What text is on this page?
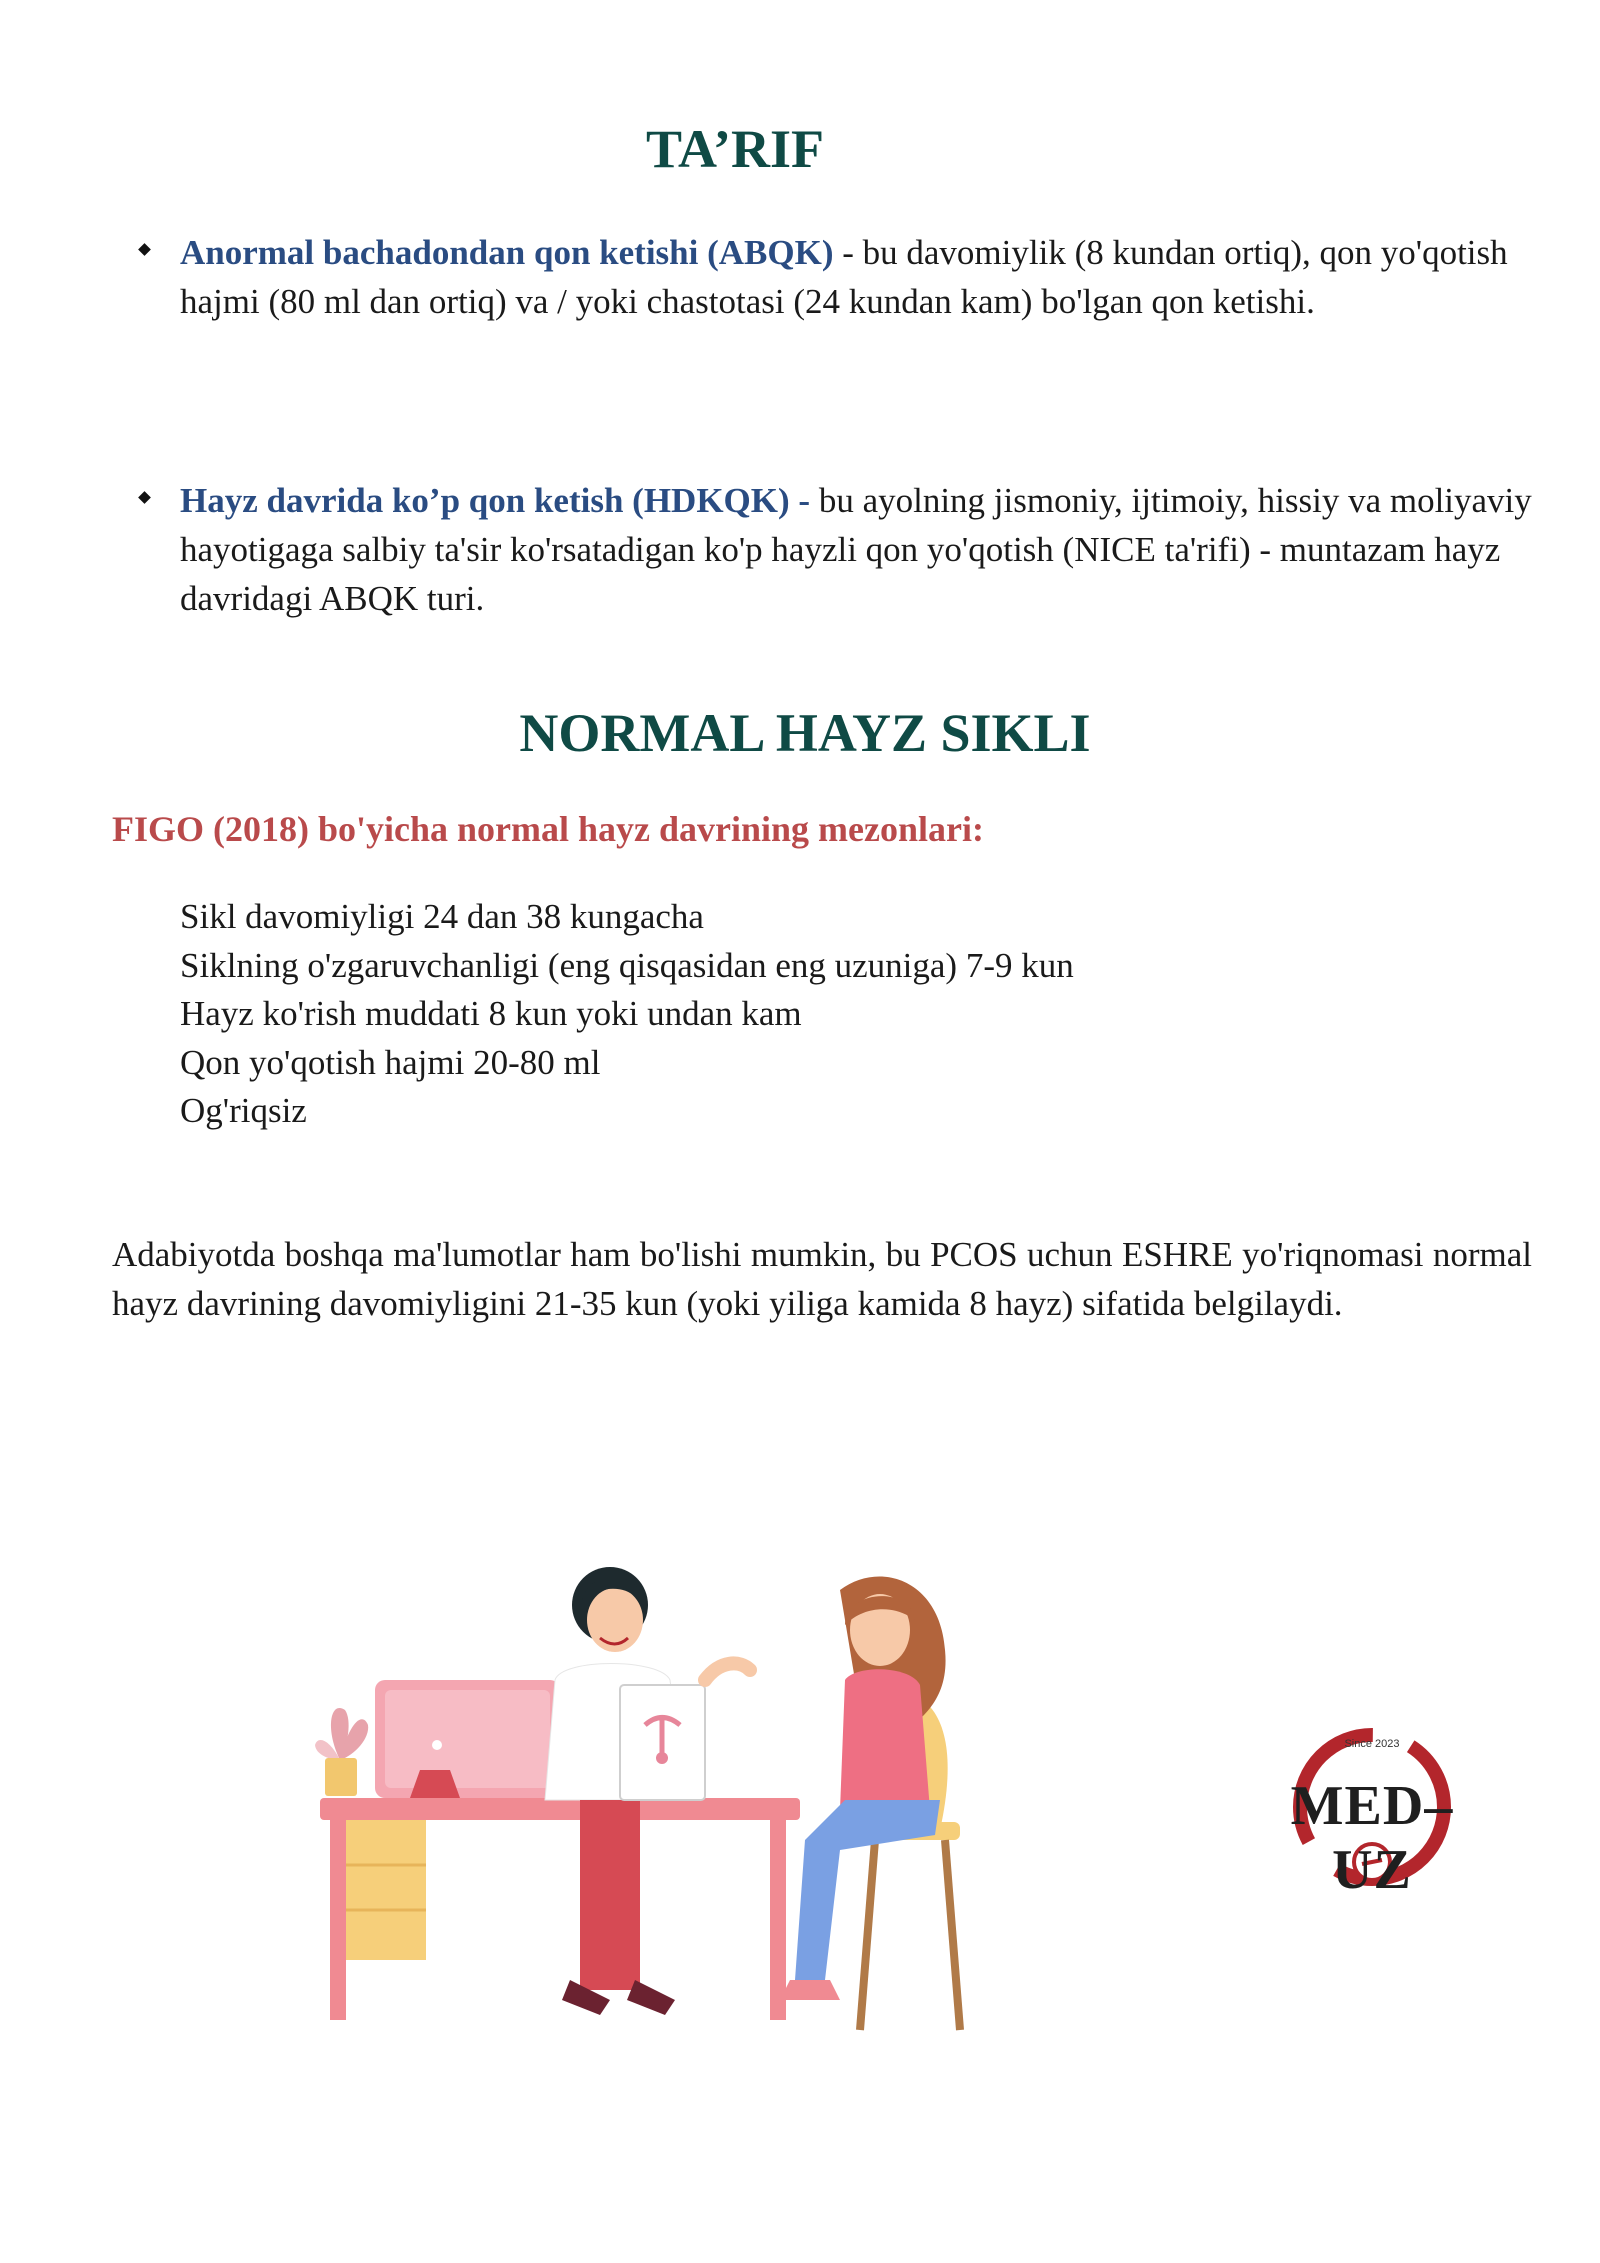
TA’RIF
Anormal bachadondan qon ketishi (ABQK) - bu davomiylik (8 kundan ortiq), qon yo'qotish hajmi (80 ml dan ortiq) va / yoki chastotasi (24 kundan kam) bo'lgan qon ketishi.
Hayz davrida ko’p qon ketish (HDKQK) - bu ayolning jismoniy, ijtimoiy, hissiy va moliyaviy hayotigaga salbiy ta'sir ko'rsatadigan ko'p hayzli qon yo'qotish (NICE ta'rifi) - muntazam hayz davridagi ABQK turi.
NORMAL HAYZ SIKLI
FIGO (2018) bo'yicha normal hayz davrining mezonlari:
Sikl davomiyligi 24 dan 38 kungacha
Siklning o'zgaruvchanligi (eng qisqasidan eng uzuniga) 7-9 kun
Hayz ko'rish muddati 8 kun yoki undan kam
Qon yo'qotish hajmi 20-80 ml
Og'riqsiz
Adabiyotda boshqa ma'lumotlar ham bo'lishi mumkin, bu PCOS uchun ESHRE yo'riqnomasi normal hayz davrining davomiyligini 21-35 kun (yoki yiliga kamida 8 hayz) sifatida belgilaydi.
Since 2023
MED–UZ
